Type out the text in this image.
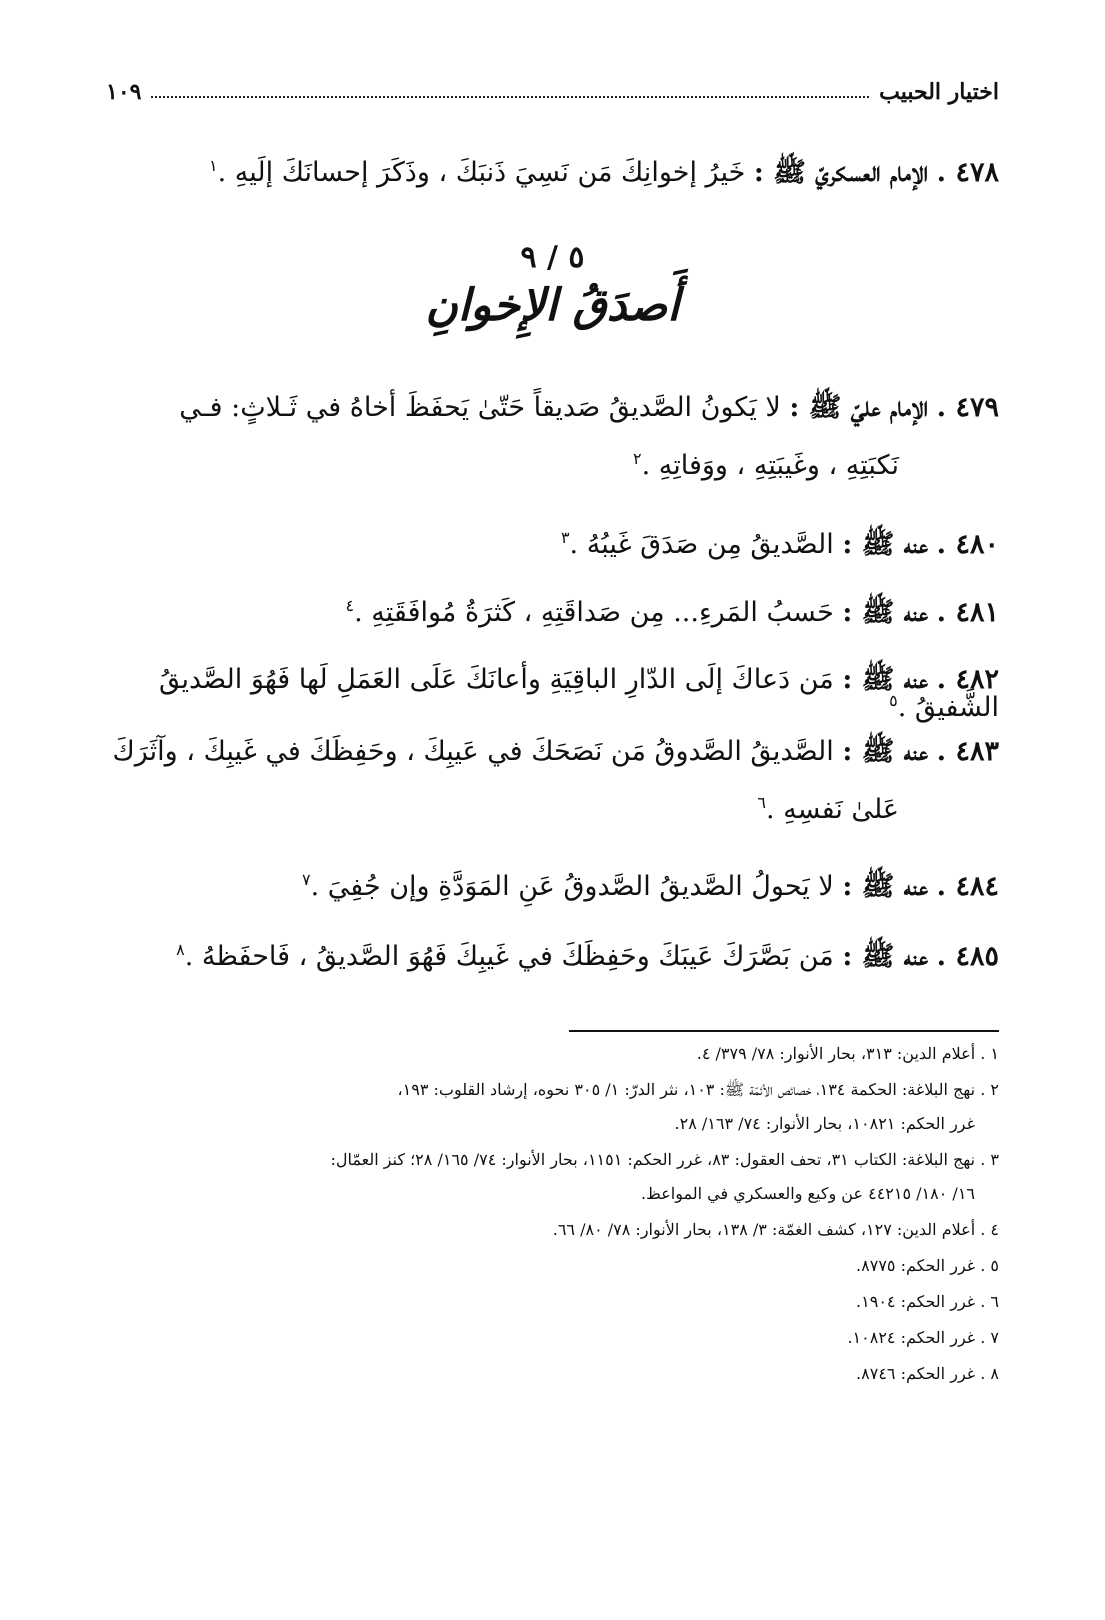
اختيار الحبيب
١٠٩
٤٧٨ . الإمام العسكريّ ﷺ : خَيرُ إخوانِكَ مَن نَسِيَ ذَنبَكَ ، وذَكَرَ إحسانَكَ إلَيهِ .$^١$
٥ / ٩
أَصدَقُ الإِخوانِ
٤٧٩ . الإمام عليّ ﷺ : لا يَكونُ الصَّديقُ صَديقاً حَتّىٰ يَحفَظَ أخاهُ في ثَـلاثٍ: فـي
نَكبَتِهِ ، وغَيبَتِهِ ، ووَفاتِهِ .$^٢$
٤٨٠ . عنه ﷺ : الصَّديقُ مِن صَدَقَ غَيبُهُ .$^٣$
٤٨١ . عنه ﷺ : حَسبُ المَرءِ... مِن صَداقَتِهِ ، كَثرَةُ مُوافَقَتِهِ .$^٤$
٤٨٢ . عنه ﷺ : مَن دَعاكَ إلَى الدّارِ الباقِيَةِ وأعانَكَ عَلَى العَمَلِ لَها فَهُوَ الصَّديقُ الشَّفيقُ .$^٥$
٤٨٣ . عنه ﷺ : الصَّديقُ الصَّدوقُ مَن نَصَحَكَ في عَيبِكَ ، وحَفِظَكَ في غَيبِكَ ، وآثَرَكَ
عَلىٰ نَفسِهِ .$^٦$
٤٨٤ . عنه ﷺ : لا يَحولُ الصَّديقُ الصَّدوقُ عَنِ المَوَدَّةِ وإن جُفِيَ .$^٧$
٤٨٥ . عنه ﷺ : مَن بَصَّرَكَ عَيبَكَ وحَفِظَكَ في غَيبِكَ فَهُوَ الصَّديقُ ، فَاحفَظهُ .$^٨$
١ . أعلام الدين: ٣١٣، بحار الأنوار: ٧٨/ ٣٧٩/ ٤.
٢ . نهج البلاغة: الحكمة ١٣٤، خصائص الأئمّة ﷺ: ١٠٣، نثر الدرّ: ١/ ٣٠٥ نحوه، إرشاد القلوب: ١٩٣،
غرر الحكم: ١٠٨٢١، بحار الأنوار: ٧٤/ ١٦٣/ ٢٨.
٣ . نهج البلاغة: الكتاب ٣١، تحف العقول: ٨٣، غرر الحكم: ١١٥١، بحار الأنوار: ٧٤/ ١٦٥/ ٢٨؛ كنز العمّال:
١٦/ ١٨٠/ ٤٤٢١٥ عن وكيع والعسكري في المواعظ.
٤ . أعلام الدين: ١٢٧، كشف الغمّة: ٣/ ١٣٨، بحار الأنوار: ٧٨/ ٨٠/ ٦٦.
٥ . غرر الحكم: ٨٧٧٥.
٦ . غرر الحكم: ١٩٠٤.
٧ . غرر الحكم: ١٠٨٢٤.
٨ . غرر الحكم: ٨٧٤٦.
